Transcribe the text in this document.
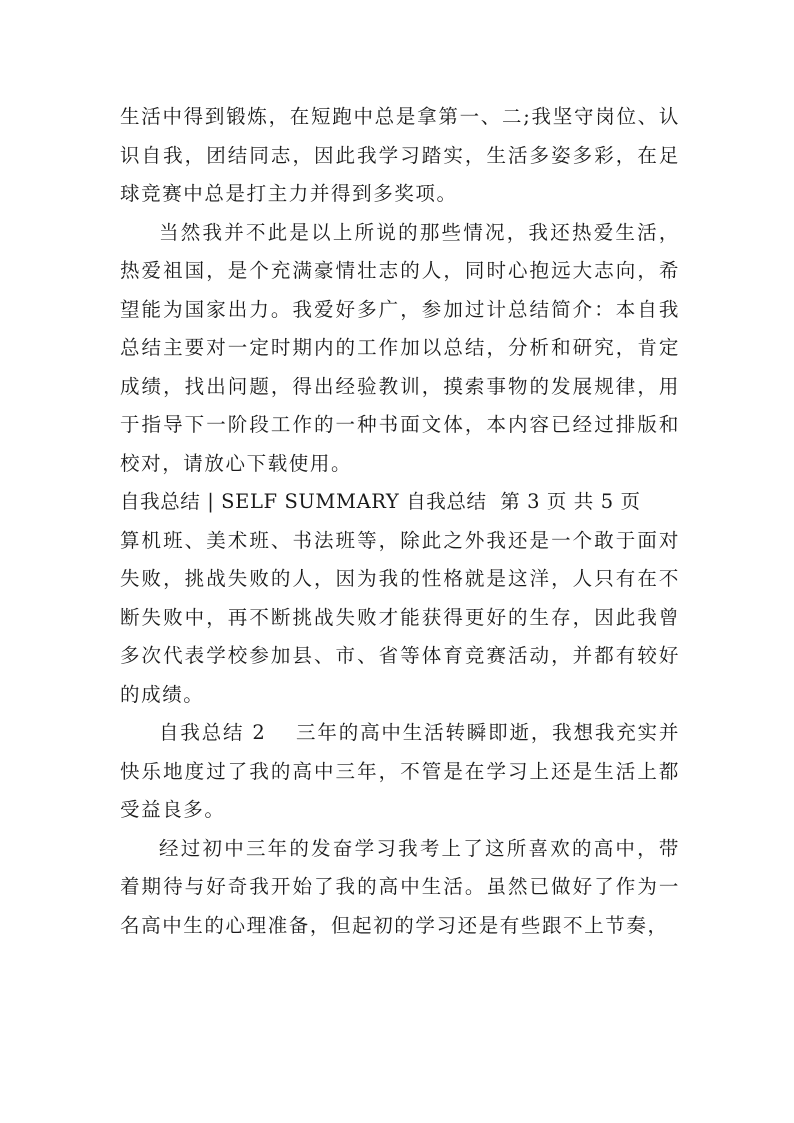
生活中得到锻炼，在短跑中总是拿第一、二;我坚守岗位、认识自我，团结同志，因此我学习踏实，生活多姿多彩，在足球竞赛中总是打主力并得到多奖项。

当然我并不此是以上所说的那些情况，我还热爱生活，热爱祖国，是个充满豪情壮志的人，同时心抱远大志向，希望能为国家出力。我爱好多广，参加过计总结简介：本自我总结主要对一定时期内的工作加以总结，分析和研究，肯定成绩，找出问题，得出经验教训，摸索事物的发展规律，用于指导下一阶段工作的一种书面文体，本内容已经过排版和校对，请放心下载使用。

自我总结 | SELF SUMMARY 自我总结  第 3 页 共 5 页

算机班、美术班、书法班等，除此之外我还是一个敢于面对失败，挑战失败的人，因为我的性格就是这洋，人只有在不断失败中，再不断挑战失败才能获得更好的生存，因此我曾多次代表学校参加县、市、省等体育竞赛活动，并都有较好的成绩。

自我总结 2　 三年的高中生活转瞬即逝，我想我充实并快乐地度过了我的高中三年，不管是在学习上还是生活上都受益良多。

经过初中三年的发奋学习我考上了这所喜欢的高中，带着期待与好奇我开始了我的高中生活。虽然已做好了作为一名高中生的心理准备，但起初的学习还是有些跟不上节奏，
